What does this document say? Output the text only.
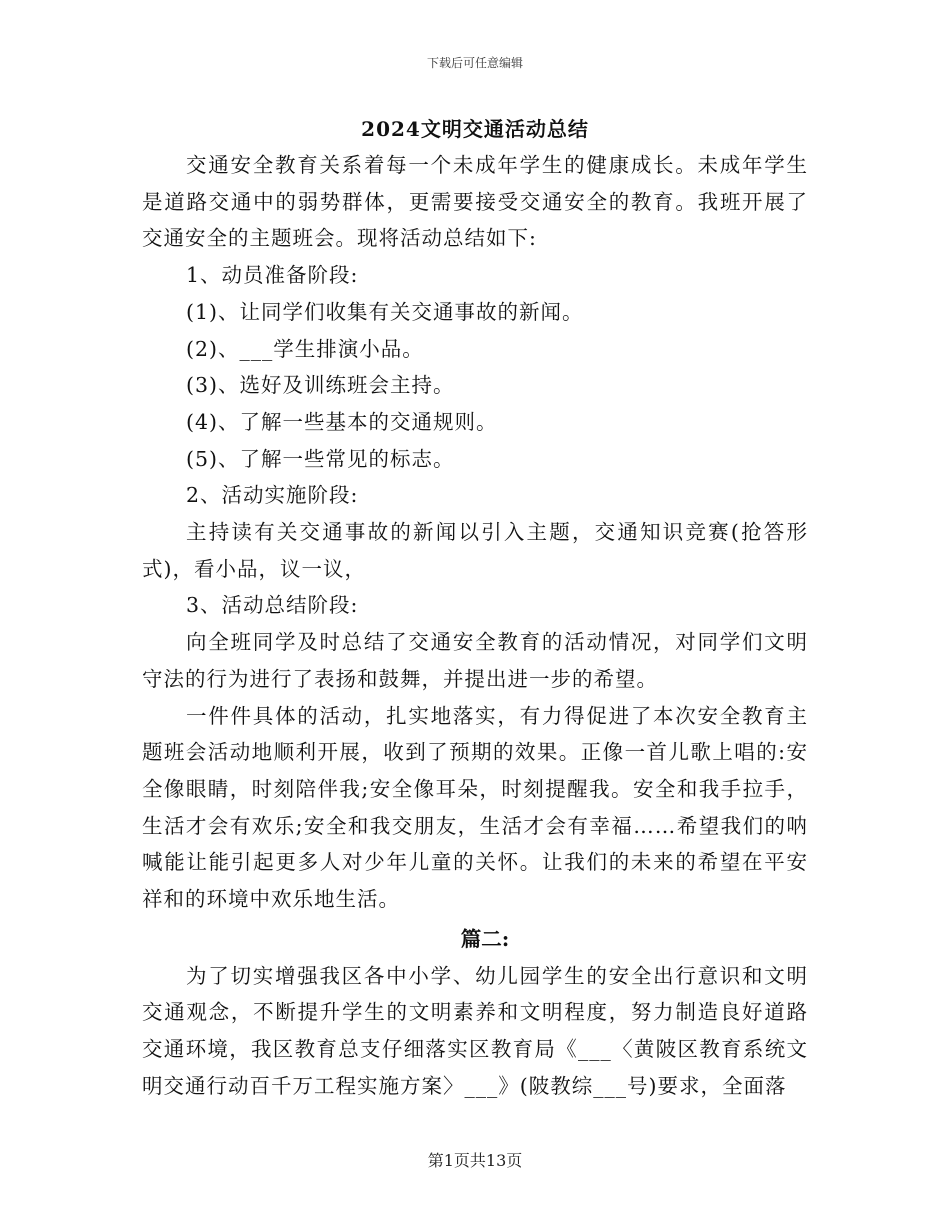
下载后可任意编辑
2024文明交通活动总结

交通安全教育关系着每一个未成年学生的健康成长。未成年学生是道路交通中的弱势群体，更需要接受交通安全的教育。我班开展了交通安全的主题班会。现将活动总结如下:

1、动员准备阶段:

(1)、让同学们收集有关交通事故的新闻。

(2)、___学生排演小品。

(3)、选好及训练班会主持。

(4)、了解一些基本的交通规则。

(5)、了解一些常见的标志。

2、活动实施阶段:

主持读有关交通事故的新闻以引入主题，交通知识竞赛(抢答形式)，看小品，议一议，

3、活动总结阶段:

向全班同学及时总结了交通安全教育的活动情况，对同学们文明守法的行为进行了表扬和鼓舞，并提出进一步的希望。

一件件具体的活动，扎实地落实，有力得促进了本次安全教育主题班会活动地顺利开展，收到了预期的效果。正像一首儿歌上唱的:安全像眼睛，时刻陪伴我;安全像耳朵，时刻提醒我。安全和我手拉手，生活才会有欢乐;安全和我交朋友，生活才会有幸福……希望我们的呐喊能让能引起更多人对少年儿童的关怀。让我们的未来的希望在平安祥和的环境中欢乐地生活。

篇二:

为了切实增强我区各中小学、幼儿园学生的安全出行意识和文明交通观念，不断提升学生的文明素养和文明程度，努力制造良好道路交通环境，我区教育总支仔细落实区教育局《___〈黄陂区教育系统文明交通行动百千万工程实施方案〉___》(陂教综___号)要求，全面落

第1页共13页
